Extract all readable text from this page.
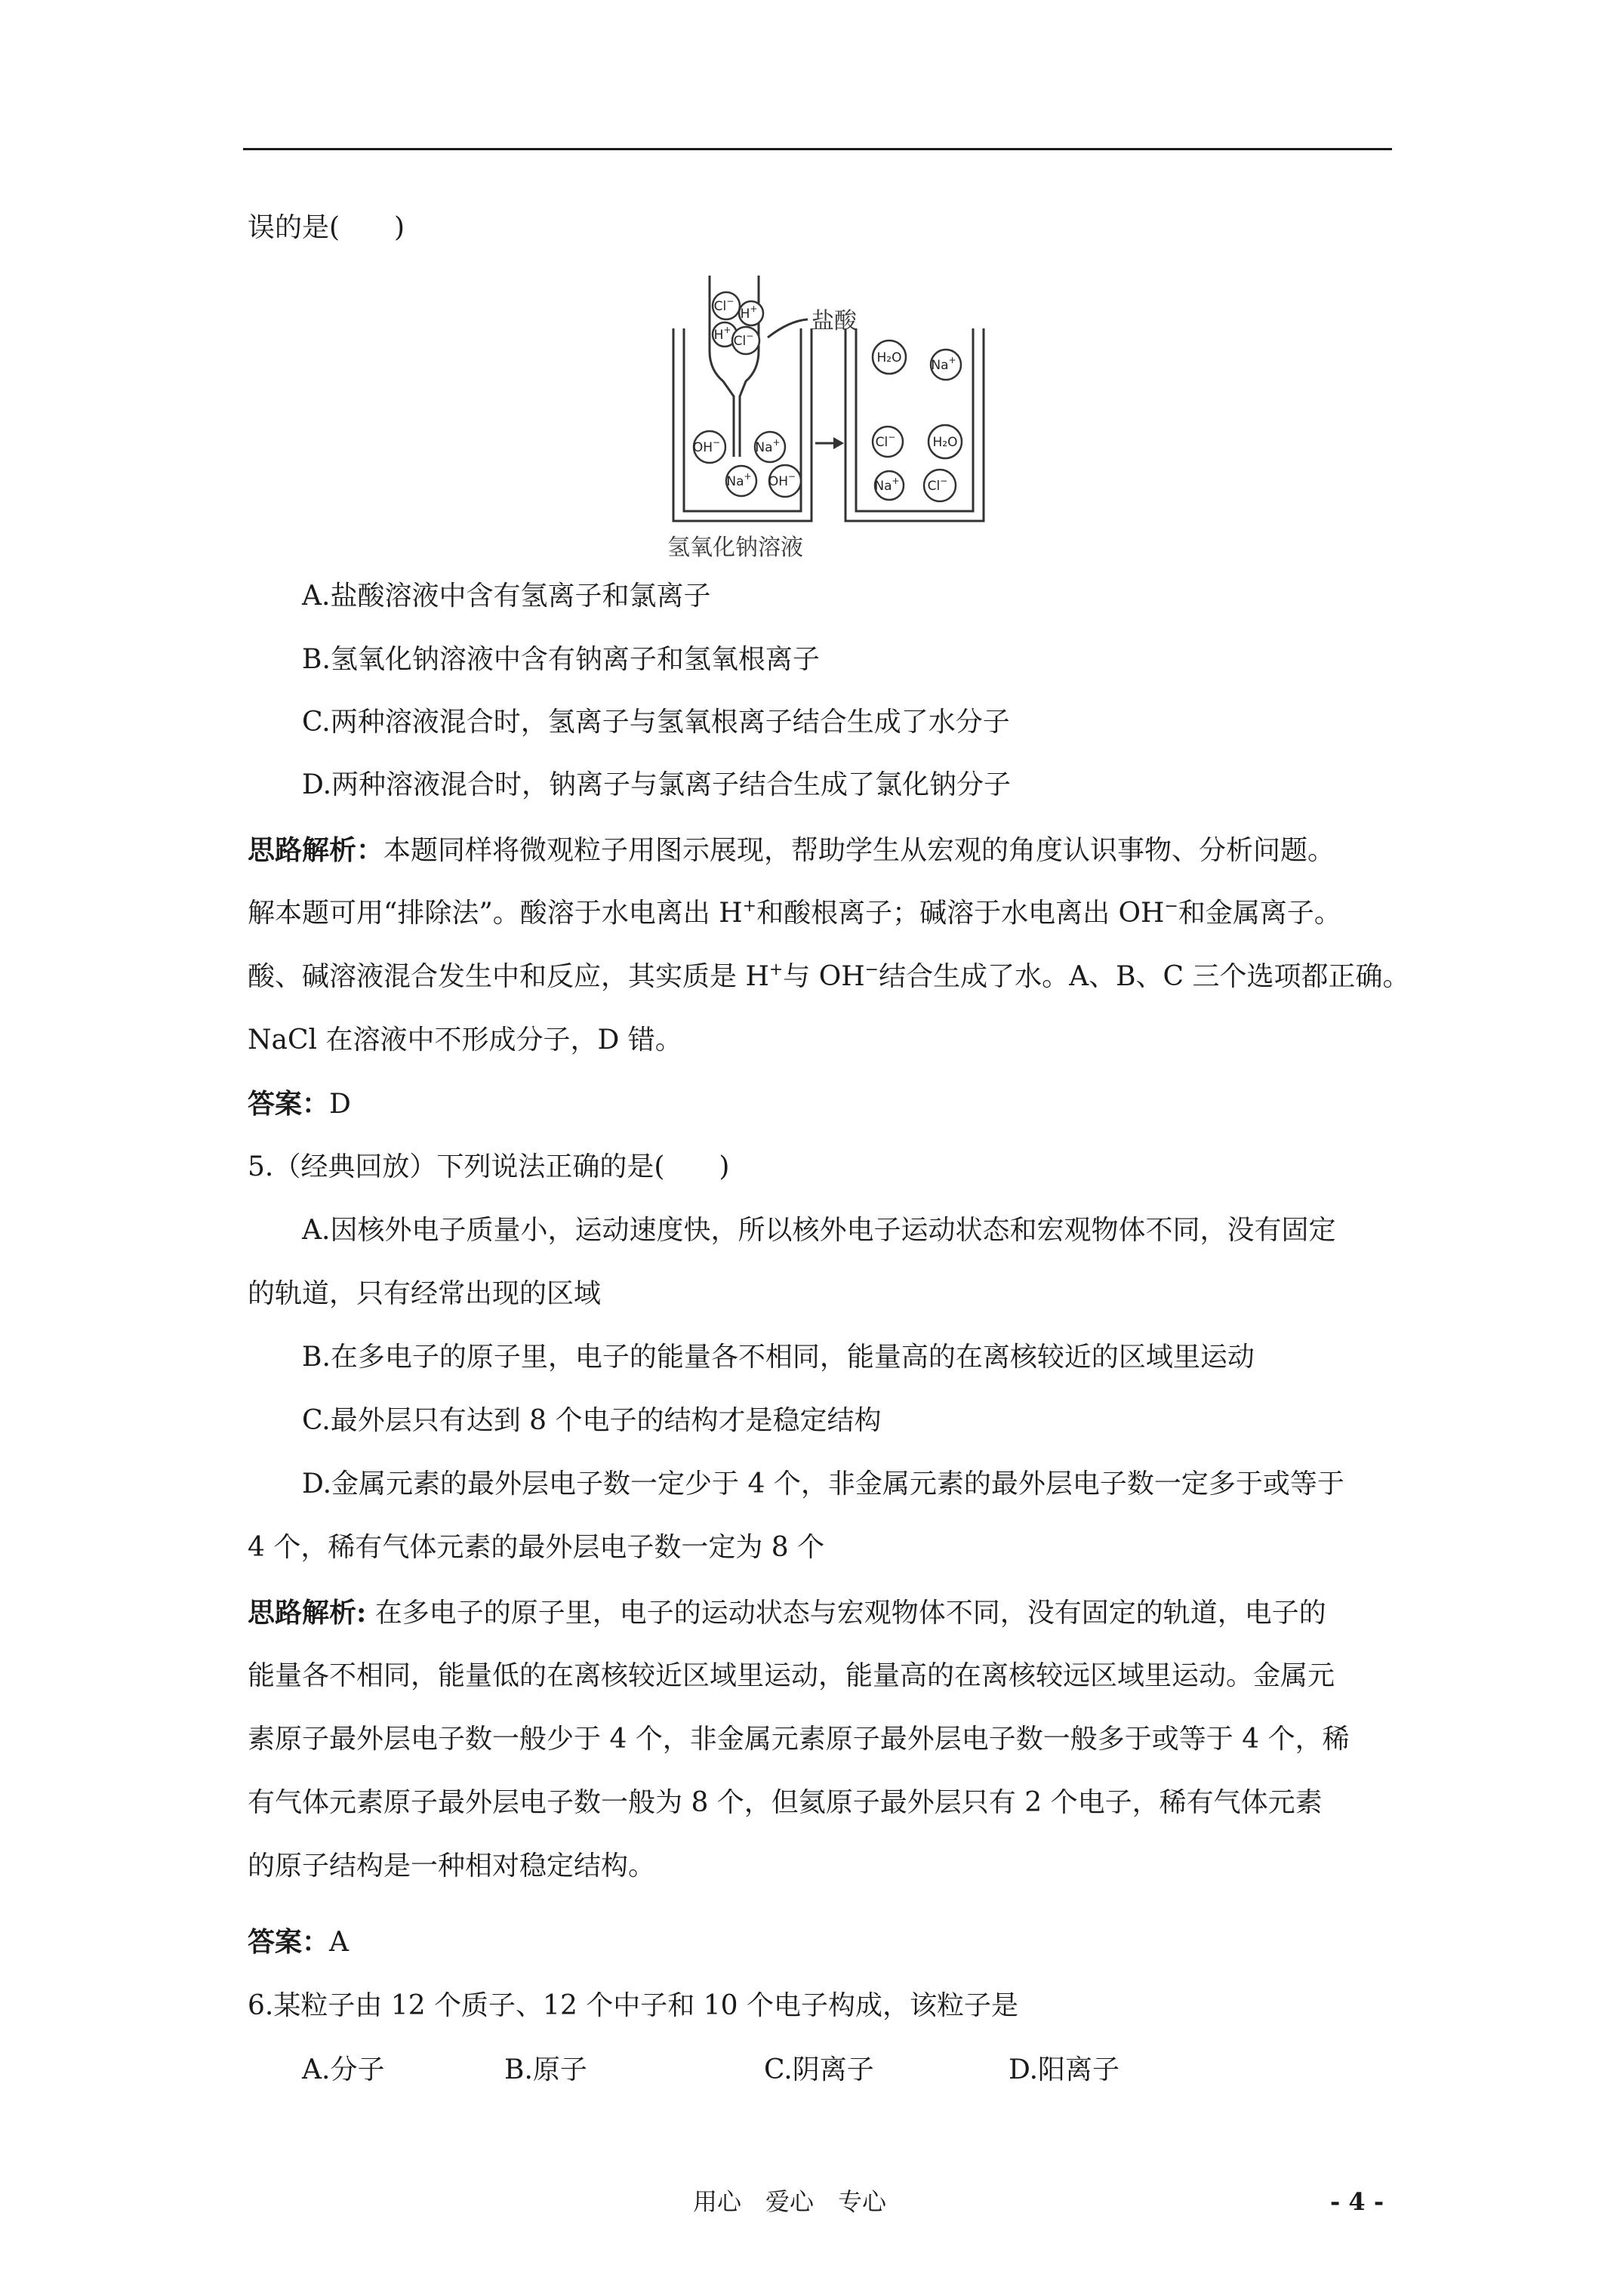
误的是(　　)
Cl−
H+
H+
Cl−
OH−	Na+
Na+ OH−
H₂O Na+
Cl−	H₂O
Na+ Cl−
盐酸
氢氧化钠溶液
A.盐酸溶液中含有氢离子和氯离子
B.氢氧化钠溶液中含有钠离子和氢氧根离子
C.两种溶液混合时，氢离子与氢氧根离子结合生成了水分子
D.两种溶液混合时，钠离子与氯离子结合生成了氯化钠分子
思路解析：本题同样将微观粒子用图示展现，帮助学生从宏观的角度认识事物、分析问题。
解本题可用“排除法”。酸溶于水电离出 H+和酸根离子；碱溶于水电离出 OH−和金属离子。
酸、碱溶液混合发生中和反应，其实质是 H+与 OH−结合生成了水。A、B、C 三个选项都正确。
NaCl 在溶液中不形成分子，D 错。
答案：D
5.（经典回放）下列说法正确的是(　　)
A.因核外电子质量小，运动速度快，所以核外电子运动状态和宏观物体不同，没有固定
的轨道，只有经常出现的区域
B.在多电子的原子里，电子的能量各不相同，能量高的在离核较近的区域里运动
C.最外层只有达到 8 个电子的结构才是稳定结构
D.金属元素的最外层电子数一定少于 4 个，非金属元素的最外层电子数一定多于或等于
4 个，稀有气体元素的最外层电子数一定为 8 个
思路解析: 在多电子的原子里，电子的运动状态与宏观物体不同，没有固定的轨道，电子的
能量各不相同，能量低的在离核较近区域里运动，能量高的在离核较远区域里运动。金属元
素原子最外层电子数一般少于 4 个，非金属元素原子最外层电子数一般多于或等于 4 个，稀
有气体元素原子最外层电子数一般为 8 个，但氦原子最外层只有 2 个电子，稀有气体元素
的原子结构是一种相对稳定结构。
答案：A
6.某粒子由 12 个质子、12 个中子和 10 个电子构成，该粒子是
A.分子	B.原子	C.阴离子	D.阳离子
用心　爱心　专心	- 4 -
